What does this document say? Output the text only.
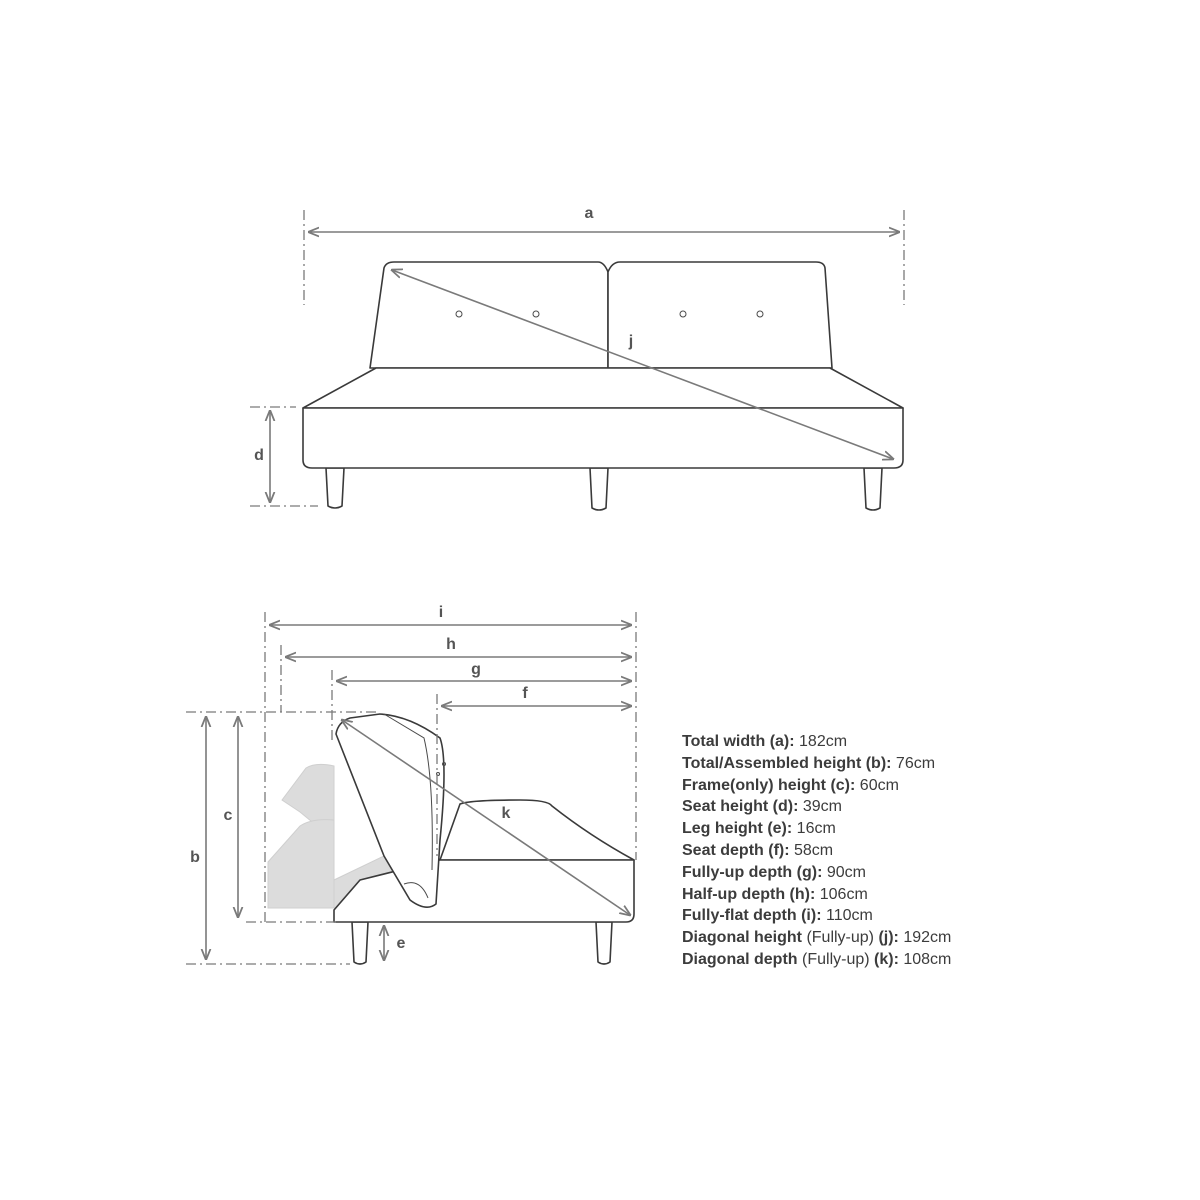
a
j
d
i
h
g
f
b
c
e
k
Total width (a): 182cm
Total/Assembled height (b): 76cm
Frame(only) height (c): 60cm
Seat height (d): 39cm
Leg height (e): 16cm
Seat depth (f): 58cm
Fully-up depth (g): 90cm
Half-up depth (h): 106cm
Fully-flat depth (i): 110cm
Diagonal height (Fully-up) (j): 192cm
Diagonal depth (Fully-up) (k): 108cm
